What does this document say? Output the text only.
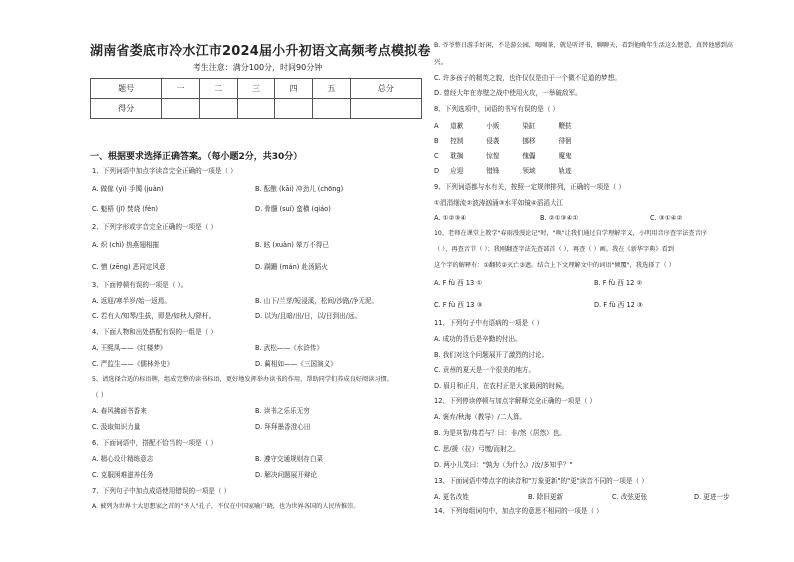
湖南省娄底市冷水江市2024届小升初语文高频考点模拟卷
考生注意：满分100分，时间90分钟
题号	一	二	三	四	五	总分
得分						
一、根据要求选择正确答案。（每小题2分，共30分）
1、下列词语中加点字读音完全正确的一项是（ ）
A. 做傢 (yì) 手镯 (juàn)	B. 酝酿 (kāi) 冲劲儿 (chōng)
C. 魁梧 (jī) 焚烧 (fén)	D. 骨髓 (suí) 蛮横 (qiáo)
2、下列字形或字音完全正确的一项是（ ）
A. 炽 (chì) 热燕翅相摧	B. 眩 (xuàn) 晕万不得已
C. 憎 (zēng) 恶同定风意	D. 蹒跚 (mán) 赴汤蹈火
3、下面停顿有误的一项是（ ）。
A. 返迎/寒半岁/始一返焉。	B. 山下/兰芽/短浸溪，松间/沙路/净无泥。
C. 若有人/知琴/生拔，即是/如秋人/降杆。	D. 以为/且暗/出/日，以/日到出/远。
4、下面人物和出处搭配有误的一组是（ ）
A. 王熙凤——《红楼梦》	B. 武松——《水浒传》
C. 严监生——《儒林外史》	D. 蔺相如——《三国演义》
5、请选择合适的标语牌，组成完整的读书标语，更好地发挥举办读书的作用，帮助同学们养成良好阅读习惯。
（ ）
A. 春风拂面书香来	B. 读书之乐乐无穷
C. 汲取知识力量	D. 拜拜墨香澄心田
6、下面词语中，搭配不恰当的一项是（ ）
A. 精心设计精练意志	B. 遵守交通规则存白菜
C. 克服困难滋养任务	D. 解决问题展开辩论
7、下列句子中加点成语使用错误的一项是（ ）
A. 被列为世界十大思想家之首的"圣人"孔子，不仅在中国家喻户晓，也为世界各国的人民所推崇。
B. 爷爷整日游手好闲，不是游公园，喝喝茶，就是听评书，聊聊天，看到他晚年生活这么惬意，真替他感到高
兴。
C. 许多孩子的精英之貌，也许仅仅是由于一个微不足道的梦想。
D. 曾经大年在赤壁之战中使用火攻，一举破敌军。
8、下列选项中，词语的书写有误的是（ ）
A 道歉	小贩	染缸	鞭挞
B 控制	侵袭	挪移	徘徊
C 耽搁	惊惶	傀儡	魔鬼
D 应迎	错锋	领域	轨迹
9、下列词语都与水有关，按照一定规律排列，正确的一项是（ ）
①涓涓细流②波涛汹涌③水平如镜④滔滔大江
A. ①②③④	B. ②①③④①	C. ③①④②
10、老师在课堂上教学"春雨漫漫论记"时，"唤"让我们通过自学理解字义，小明用音序查字法查音序
（ ），再查音节（ ）；我刚翻查字法先查部首（ ），再查（ ）画。我在《新华字典》看到
这个字的解释有：①翻转②灭亡③遮。结合上下文理解文中的词语"倾覆"，我选择了（ ）
A. F fù 西 13 ①	B. F fù 西 12 ②
C. F fù 西 13 ③	D. F fù 西 12 ③
11、下列句子中有语病的一项是（ ）
A. 成功的背后是辛勤的付出。
B. 我们对这个问题展开了激烈的讨论。
C. 贡州的夏天是一个很美的地方。
D. 眉月和正月，在农村正是大家最闲的时候。
12、下列停读停顿与加点字解释完全正确的一项是（ ）
A. 褒弃/秋海（教导）/二人算。
B. 为是其智/弗若与？曰：非/然（居然）也。
C. 思/援（拉）弓缴/而射之。
D. 两小儿笑曰："孰为（为什么）/汝/多知乎？"
13、下面词语中带点字的读音和"万象更新"的"更"读音不同的一项是（ ）
A. 更名改姓	B. 除旧更新	C. 改弦更张	D. 更进一步
14、下列每组词句中，加点字的意思不相同的一项是（ ）
